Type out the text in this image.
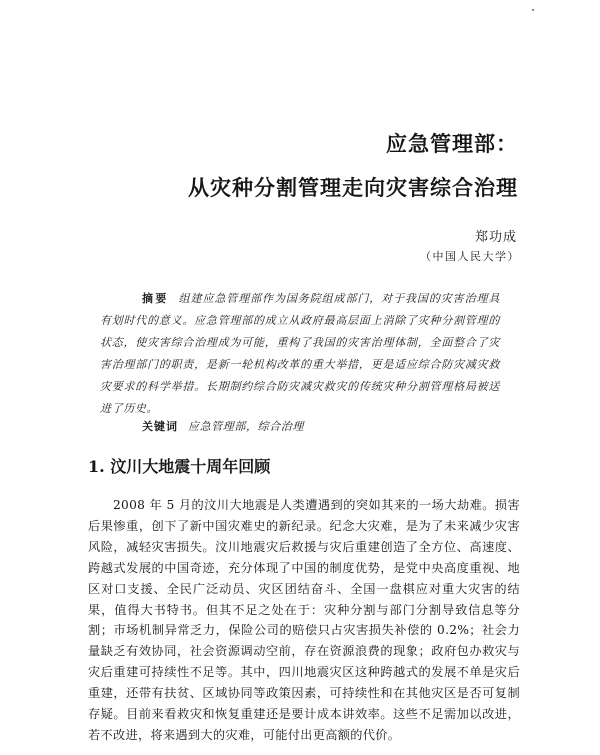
应急管理部：
从灾种分割管理走向灾害综合治理
郑功成
（中国人民大学）
摘要 组建应急管理部作为国务院组成部门，对于我国的灾害治理具有划时代的意义。应急管理部的成立从政府最高层面上消除了灾种分割管理的状态，使灾害综合治理成为可能，重构了我国的灾害治理体制，全面整合了灾害治理部门的职责，是新一轮机构改革的重大举措，更是适应综合防灾减灾救灾要求的科学举措。长期制约综合防灾减灾救灾的传统灾种分割管理格局被送进了历史。
关键词 应急管理部，综合治理
1. 汶川大地震十周年回顾
2008 年 5 月的汶川大地震是人类遭遇到的突如其来的一场大劫难。损害后果惨重，创下了新中国灾难史的新纪录。纪念大灾难，是为了未来减少灾害风险，减轻灾害损失。汶川地震灾后救援与灾后重建创造了全方位、高速度、跨越式发展的中国奇迹，充分体现了中国的制度优势，是党中央高度重视、地区对口支援、全民广泛动员、灾区团结奋斗、全国一盘棋应对重大灾害的结果，值得大书特书。但其不足之处在于：灾种分割与部门分割导致信息等分割；市场机制异常乏力，保险公司的赔偿只占灾害损失补偿的 0.2%；社会力量缺乏有效协同，社会资源调动空前，存在资源浪费的现象；政府包办救灾与灾后重建可持续性不足等。其中，四川地震灾区这种跨越式的发展不单是灾后重建，还带有扶贫、区域协同等政策因素，可持续性和在其他灾区是否可复制存疑。目前来看救灾和恢复重建还是要计成本讲效率。这些不足需加以改进，若不改进，将来遇到大的灾难，可能付出更高额的代价。
